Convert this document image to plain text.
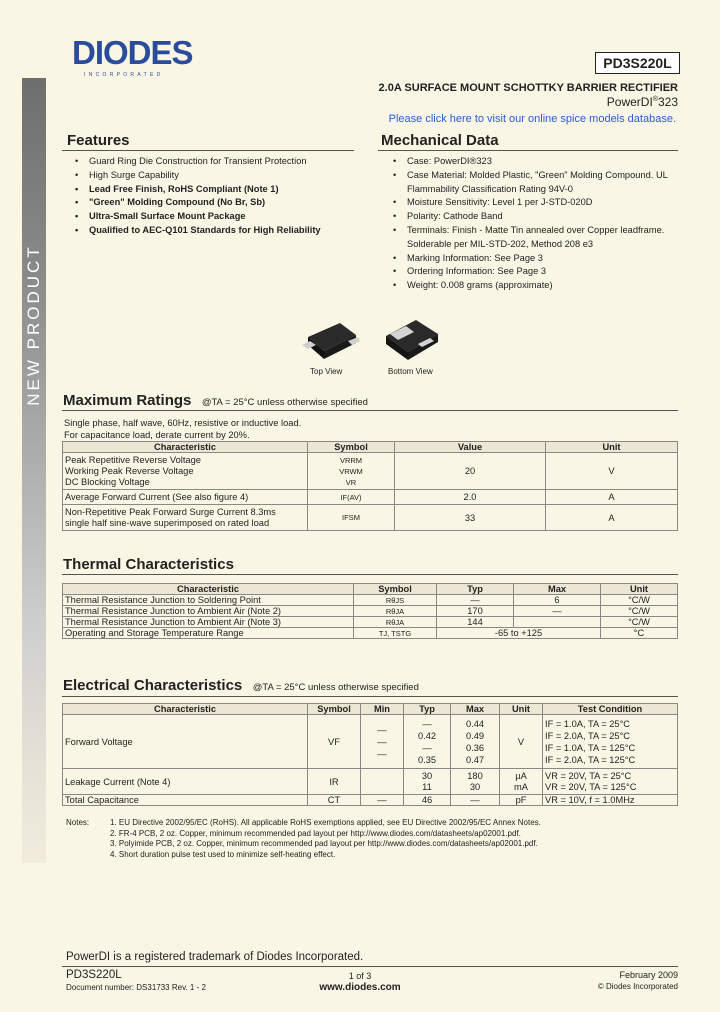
NEW PRODUCT
DIODES
INCORPORATED
PD3S220L
2.0A SURFACE MOUNT SCHOTTKY BARRIER RECTIFIER
PowerDI®323
Please click here to visit our online spice models database.
Features
• Guard Ring Die Construction for Transient Protection
• High Surge Capability
• Lead Free Finish, RoHS Compliant (Note 1)
• "Green" Molding Compound (No Br, Sb)
• Ultra-Small Surface Mount Package
• Qualified to AEC-Q101 Standards for High Reliability
Mechanical Data
• Case: PowerDI®323
• Case Material: Molded Plastic, "Green" Molding Compound. UL Flammability Classification Rating 94V-0
• Moisture Sensitivity: Level 1 per J-STD-020D
• Polarity: Cathode Band
• Terminals: Finish - Matte Tin annealed over Copper leadframe. Solderable per MIL-STD-202, Method 208 e3
• Marking Information: See Page 3
• Ordering Information: See Page 3
• Weight: 0.008 grams (approximate)
Top View	Bottom View
Maximum Ratings @TA = 25°C unless otherwise specified
Single phase, half wave, 60Hz, resistive or inductive load.
For capacitance load, derate current by 20%.
Characteristic	Symbol	Value	Unit
Peak Repetitive Reverse Voltage
Working Peak Reverse Voltage
DC Blocking Voltage	VRRM
VRWM
VR	20	V
Average Forward Current (See also figure 4)	IF(AV)	2.0	A
Non-Repetitive Peak Forward Surge Current 8.3ms
single half sine-wave superimposed on rated load	IFSM	33	A
Thermal Characteristics
Characteristic	Symbol	Typ	Max	Unit
Thermal Resistance Junction to Soldering Point	RθJS	—	6	°C/W
Thermal Resistance Junction to Ambient Air (Note 2)	RθJA	170	—	°C/W
Thermal Resistance Junction to Ambient Air (Note 3)	RθJA	144		°C/W
Operating and Storage Temperature Range	TJ, TSTG	-65 to +125		°C
Electrical Characteristics @TA = 25°C unless otherwise specified
Characteristic	Symbol	Min	Typ	Max	Unit	Test Condition
Forward Voltage	VF	—
—
—	—
0.42
—
0.35	0.44
0.49
0.36
0.47	V	IF = 1.0A, TA = 25°C
IF = 2.0A, TA = 25°C
IF = 1.0A, TA = 125°C
IF = 2.0A, TA = 125°C
Leakage Current (Note 4)	IR		30
11	180
30	µA
mA	VR = 20V, TA = 25°C
VR = 20V, TA = 125°C
Total Capacitance	CT	—	46	—	pF	VR = 10V, f = 1.0MHz
Notes:	1. EU Directive 2002/95/EC (RoHS). All applicable RoHS exemptions applied, see EU Directive 2002/95/EC Annex Notes.
2. FR-4 PCB, 2 oz. Copper, minimum recommended pad layout per http://www.diodes.com/datasheets/ap02001.pdf.
3. Polyimide PCB, 2 oz. Copper, minimum recommended pad layout per http://www.diodes.com/datasheets/ap02001.pdf.
4. Short duration pulse test used to minimize self-heating effect.
PowerDI is a registered trademark of Diodes Incorporated.
PD3S220L
Document number: DS31733 Rev. 1 - 2
1 of 3
www.diodes.com
February 2009
© Diodes Incorporated
